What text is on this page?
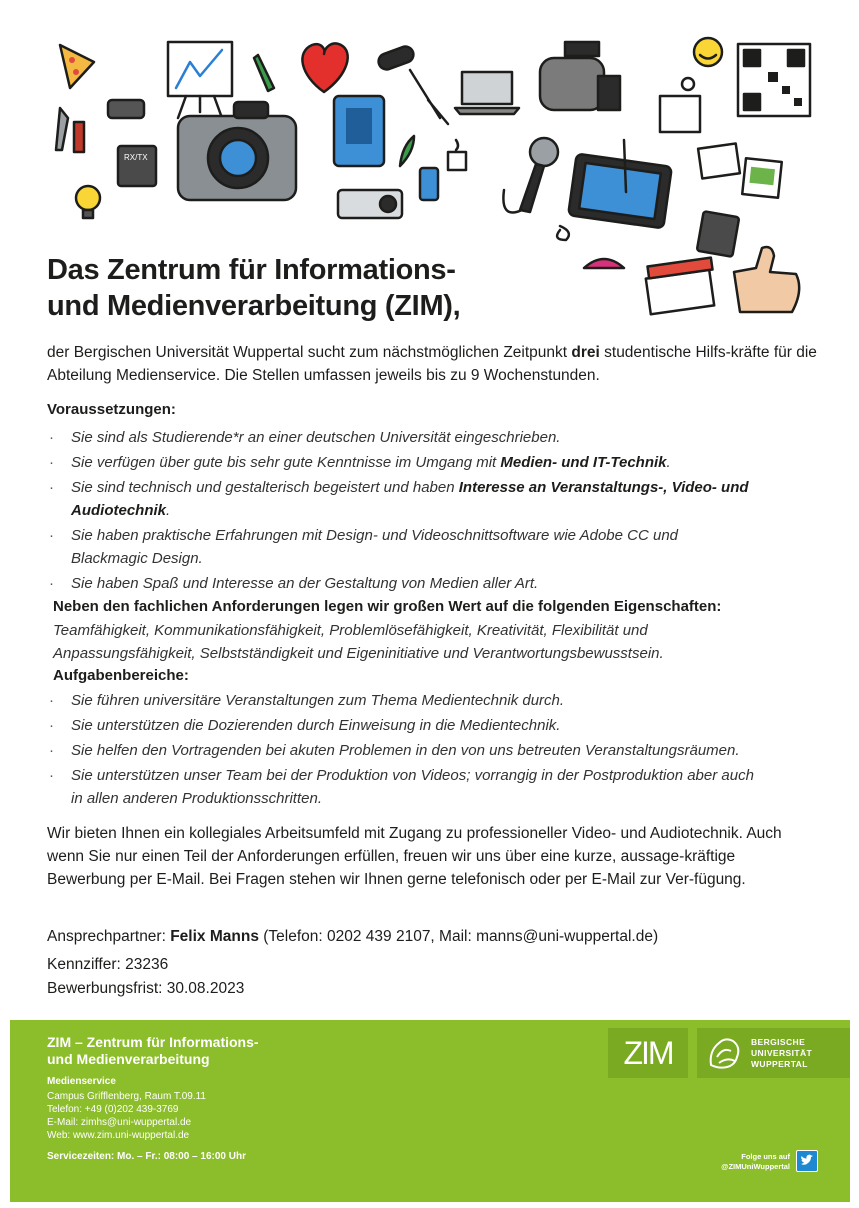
RX/TX
Das Zentrum für Informations-
und Medienverarbeitung (ZIM),

der Bergischen Universität Wuppertal sucht zum nächstmöglichen Zeitpunkt drei studentische Hilfs-kräfte für die Abteilung Medienservice. Die Stellen umfassen jeweils bis zu 9 Wochenstunden.

Voraussetzungen:
· Sie sind als Studierende*r an einer deutschen Universität eingeschrieben.
· Sie verfügen über gute bis sehr gute Kenntnisse im Umgang mit Medien- und IT-Technik.
· Sie sind technisch und gestalterisch begeistert und haben Interesse an Veranstaltungs-, Video- und Audiotechnik.
· Sie haben praktische Erfahrungen mit Design- und Videoschnittsoftware wie Adobe CC und Blackmagic Design.
· Sie haben Spaß und Interesse an der Gestaltung von Medien aller Art.
Neben den fachlichen Anforderungen legen wir großen Wert auf die folgenden Eigenschaften:
Teamfähigkeit, Kommunikationsfähigkeit, Problemlösefähigkeit, Kreativität, Flexibilität und Anpassungsfähigkeit, Selbstständigkeit und Eigeninitiative und Verantwortungsbewusstsein.
Aufgabenbereiche:
· Sie führen universitäre Veranstaltungen zum Thema Medientechnik durch.
· Sie unterstützen die Dozierenden durch Einweisung in die Medientechnik.
· Sie helfen den Vortragenden bei akuten Problemen in den von uns betreuten Veranstaltungsräumen.
· Sie unterstützen unser Team bei der Produktion von Videos; vorrangig in der Postproduktion aber auch in allen anderen Produktionsschritten.

Wir bieten Ihnen ein kollegiales Arbeitsumfeld mit Zugang zu professioneller Video- und Audiotechnik. Auch wenn Sie nur einen Teil der Anforderungen erfüllen, freuen wir uns über eine kurze, aussage-kräftige Bewerbung per E-Mail. Bei Fragen stehen wir Ihnen gerne telefonisch oder per E-Mail zur Ver-fügung.

Ansprechpartner: Felix Manns (Telefon: 0202 439 2107, Mail: manns@uni-wuppertal.de)
Kennziffer: 23236
Bewerbungsfrist: 30.08.2023
ZIM – Zentrum für Informations-
und Medienverarbeitung
Medienservice
Campus Grifflenberg, Raum T.09.11
Telefon: +49 (0)202 439-3769
E-Mail: zimhs@uni-wuppertal.de
Web: www.zim.uni-wuppertal.de
Servicezeiten: Mo. – Fr.: 08:00 – 16:00 Uhr
ZIM	BERGISCHE
UNIVERSITÄT
WUPPERTAL
Folge uns auf
@ZIMUniWuppertal
